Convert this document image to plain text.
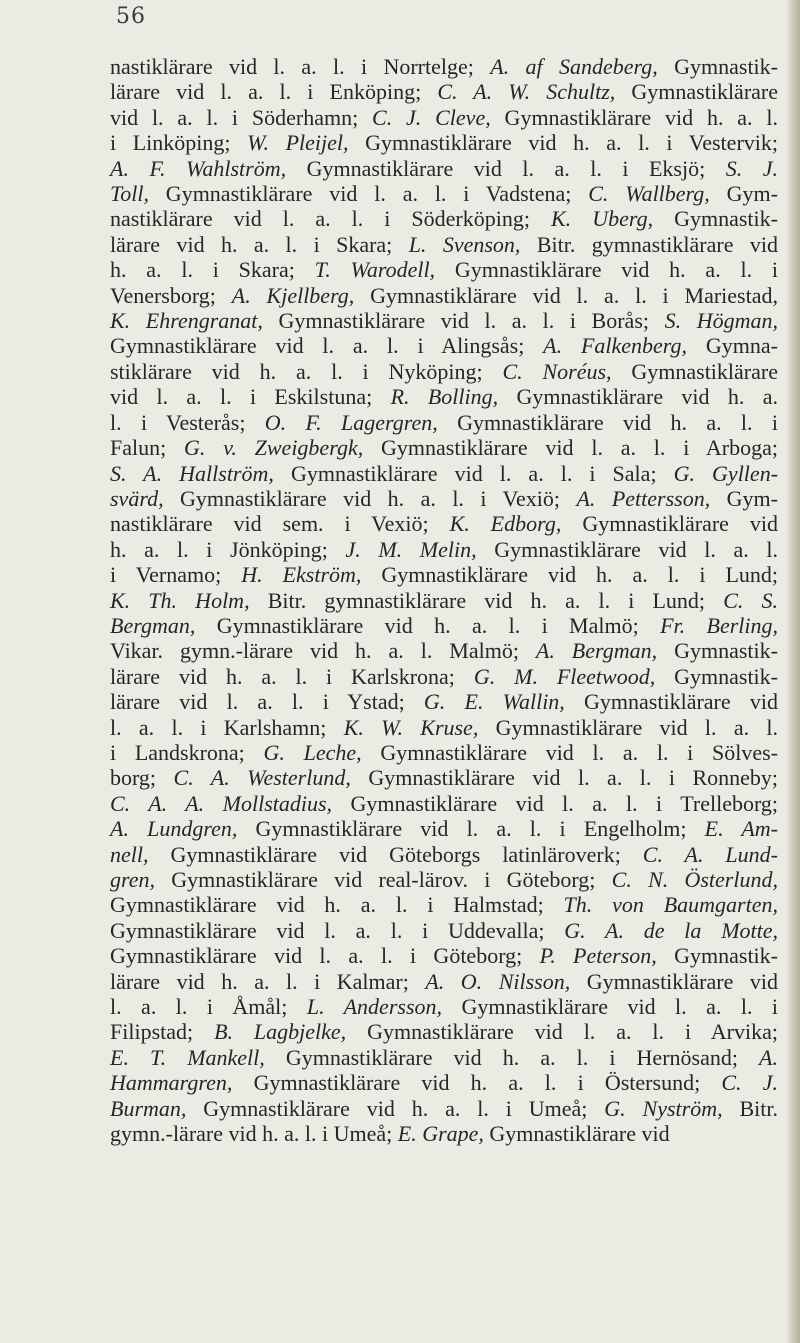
56
nastiklärare vid l. a. l. i Norrtelge; A. af Sandeberg, Gymnastik-
lärare vid l. a. l. i Enköping; C. A. W. Schultz, Gymnastiklärare
vid l. a. l. i Söderhamn; C. J. Cleve, Gymnastiklärare vid h. a. l.
i Linköping; W. Pleijel, Gymnastiklärare vid h. a. l. i Vestervik;
A. F. Wahlström, Gymnastiklärare vid l. a. l. i Eksjö; S. J.
Toll, Gymnastiklärare vid l. a. l. i Vadstena; C. Wallberg, Gym-
nastiklärare vid l. a. l. i Söderköping; K. Uberg, Gymnastik-
lärare vid h. a. l. i Skara; L. Svenson, Bitr. gymnastiklärare vid
h. a. l. i Skara; T. Warodell, Gymnastiklärare vid h. a. l. i
Venersborg; A. Kjellberg, Gymnastiklärare vid l. a. l. i Mariestad,
K. Ehrengranat, Gymnastiklärare vid l. a. l. i Borås; S. Högman,
Gymnastiklärare vid l. a. l. i Alingsås; A. Falkenberg, Gymna-
stiklärare vid h. a. l. i Nyköping; C. Noréus, Gymnastiklärare
vid l. a. l. i Eskilstuna; R. Bolling, Gymnastiklärare vid h. a.
l. i Vesterås; O. F. Lagergren, Gymnastiklärare vid h. a. l. i
Falun; G. v. Zweigbergk, Gymnastiklärare vid l. a. l. i Arboga;
S. A. Hallström, Gymnastiklärare vid l. a. l. i Sala; G. Gyllen-
svärd, Gymnastiklärare vid h. a. l. i Vexiö; A. Pettersson, Gym-
nastiklärare vid sem. i Vexiö; K. Edborg, Gymnastiklärare vid
h. a. l. i Jönköping; J. M. Melin, Gymnastiklärare vid l. a. l.
i Vernamo; H. Ekström, Gymnastiklärare vid h. a. l. i Lund;
K. Th. Holm, Bitr. gymnastiklärare vid h. a. l. i Lund; C. S.
Bergman, Gymnastiklärare vid h. a. l. i Malmö; Fr. Berling,
Vikar. gymn.-lärare vid h. a. l. Malmö; A. Bergman, Gymnastik-
lärare vid h. a. l. i Karlskrona; G. M. Fleetwood, Gymnastik-
lärare vid l. a. l. i Ystad; G. E. Wallin, Gymnastiklärare vid
l. a. l. i Karlshamn; K. W. Kruse, Gymnastiklärare vid l. a. l.
i Landskrona; G. Leche, Gymnastiklärare vid l. a. l. i Sölves-
borg; C. A. Westerlund, Gymnastiklärare vid l. a. l. i Ronneby;
C. A. A. Mollstadius, Gymnastiklärare vid l. a. l. i Trelleborg;
A. Lundgren, Gymnastiklärare vid l. a. l. i Engelholm; E. Am-
nell, Gymnastiklärare vid Göteborgs latinläroverk; C. A. Lund-
gren, Gymnastiklärare vid real-lärov. i Göteborg; C. N. Österlund,
Gymnastiklärare vid h. a. l. i Halmstad; Th. von Baumgarten,
Gymnastiklärare vid l. a. l. i Uddevalla; G. A. de la Motte,
Gymnastiklärare vid l. a. l. i Göteborg; P. Peterson, Gymnastik-
lärare vid h. a. l. i Kalmar; A. O. Nilsson, Gymnastiklärare vid
l. a. l. i Åmål; L. Andersson, Gymnastiklärare vid l. a. l. i
Filipstad; B. Lagbjelke, Gymnastiklärare vid l. a. l. i Arvika;
E. T. Mankell, Gymnastiklärare vid h. a. l. i Hernösand; A.
Hammargren, Gymnastiklärare vid h. a. l. i Östersund; C. J.
Burman, Gymnastiklärare vid h. a. l. i Umeå; G. Nyström, Bitr.
gymn.-lärare vid h. a. l. i Umeå; E. Grape, Gymnastiklärare vid
